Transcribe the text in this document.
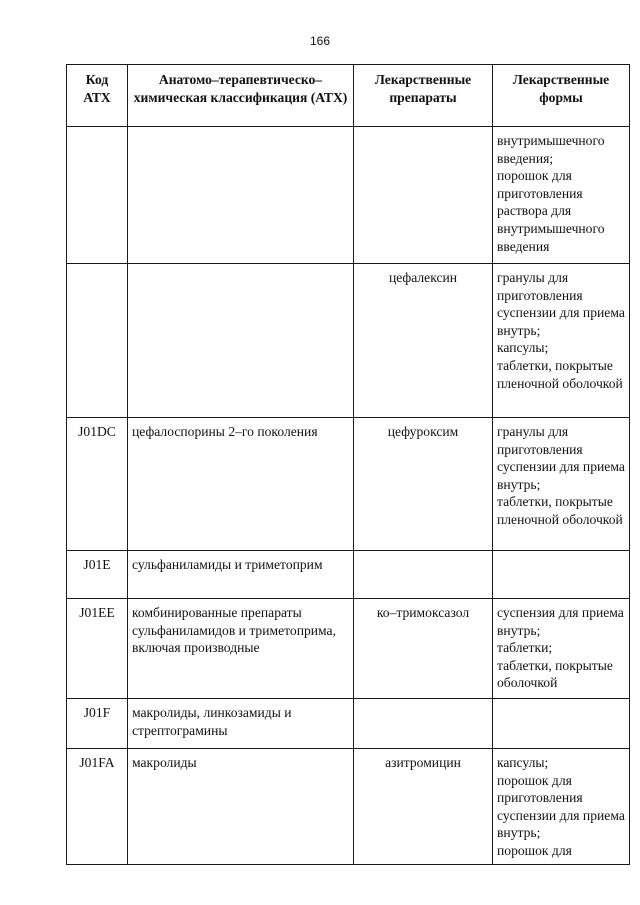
166
Код АТХ	Анатомо–терапевтическо–химическая классификация (АТХ)	Лекарственные препараты	Лекарственные формы

			внутримышечного введения;
порошок для приготовления раствора для внутримышечного введения

		цефалексин	гранулы для приготовления суспензии для приема внутрь;
капсулы;
таблетки, покрытые пленочной оболочкой

J01DC	цефалоспорины 2–го поколения	цефуроксим	гранулы для приготовления суспензии для приема внутрь;
таблетки, покрытые пленочной оболочкой

J01E	сульфаниламиды и триметоприм		
J01EE	комбинированные препараты сульфаниламидов и триметоприма, включая производные	ко–тримоксазол	суспензия для приема внутрь;
таблетки;
таблетки, покрытые оболочкой

J01F	макролиды, линкозамиды и стрептограмины		
J01FA	макролиды	азитромицин	капсулы;
порошок для приготовления суспензии для приема внутрь;
порошок для
